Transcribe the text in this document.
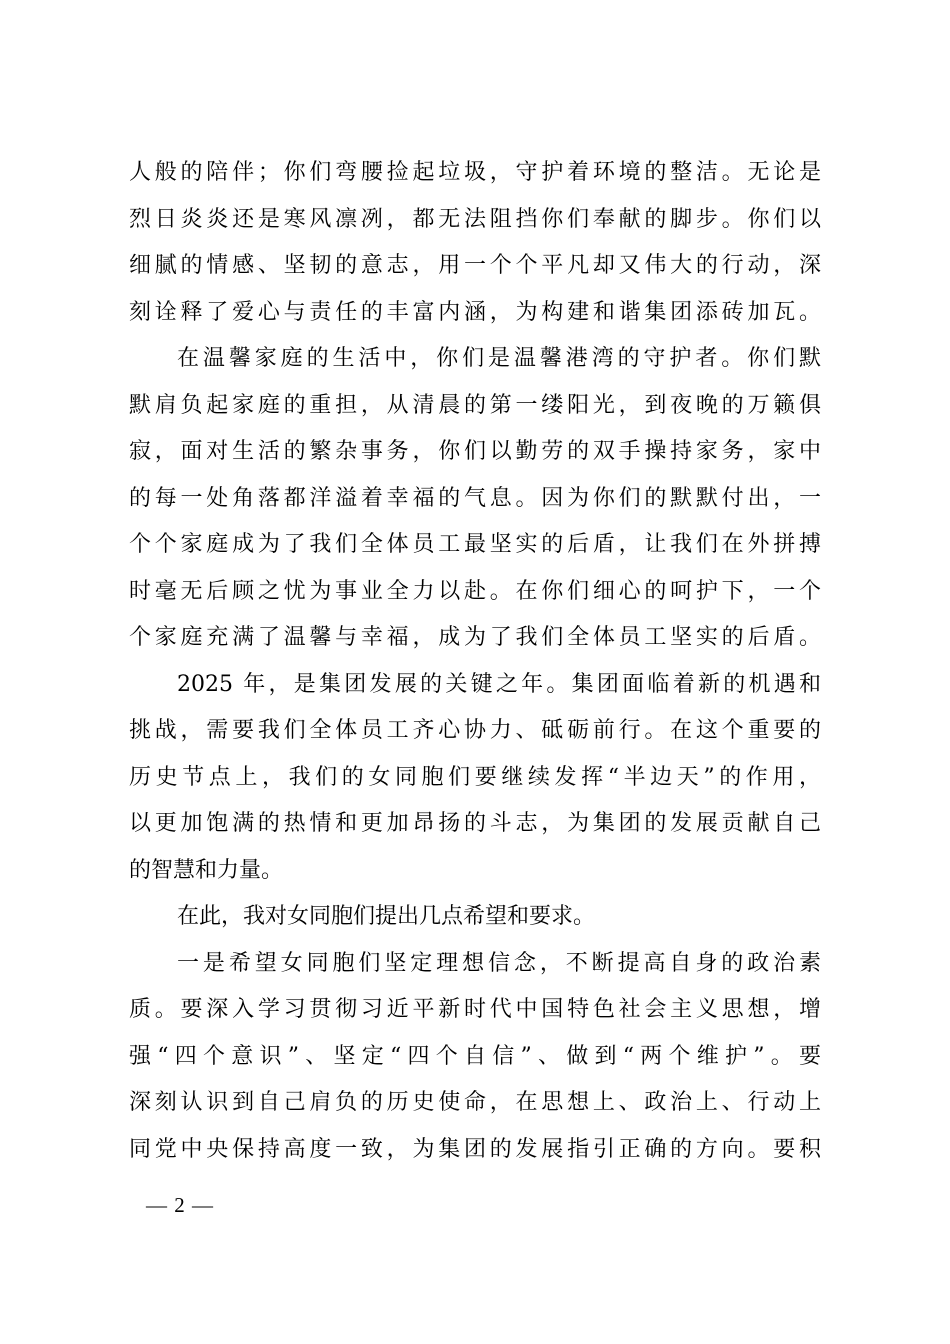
人般的陪伴；你们弯腰捡起垃圾，守护着环境的整洁。无论是
烈日炎炎还是寒风凛冽，都无法阻挡你们奉献的脚步。你们以
细腻的情感、坚韧的意志，用一个个平凡却又伟大的行动，深
刻诠释了爱心与责任的丰富内涵，为构建和谐集团添砖加瓦。
在温馨家庭的生活中，你们是温馨港湾的守护者。你们默
默肩负起家庭的重担，从清晨的第一缕阳光，到夜晚的万籁俱
寂，面对生活的繁杂事务，你们以勤劳的双手操持家务，家中
的每一处角落都洋溢着幸福的气息。因为你们的默默付出，一
个个家庭成为了我们全体员工最坚实的后盾，让我们在外拼搏
时毫无后顾之忧为事业全力以赴。在你们细心的呵护下，一个
个家庭充满了温馨与幸福，成为了我们全体员工坚实的后盾。
2025 年，是集团发展的关键之年。集团面临着新的机遇和
挑战，需要我们全体员工齐心协力、砥砺前行。在这个重要的
历史节点上，我们的女同胞们要继续发挥“半边天”的作用，
以更加饱满的热情和更加昂扬的斗志，为集团的发展贡献自己
的智慧和力量。
在此，我对女同胞们提出几点希望和要求。
一是希望女同胞们坚定理想信念，不断提高自身的政治素
质。要深入学习贯彻习近平新时代中国特色社会主义思想，增
强“四个意识”、坚定“四个自信”、做到“两个维护”。要
深刻认识到自己肩负的历史使命，在思想上、政治上、行动上
同党中央保持高度一致，为集团的发展指引正确的方向。要积
— 2 —
